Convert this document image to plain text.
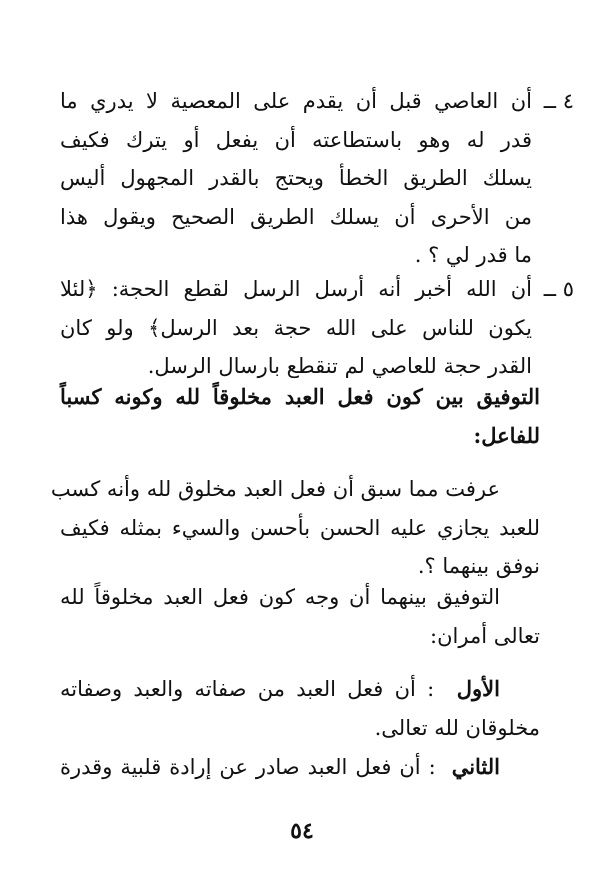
٤ ــ
أن العاصي قبل أن يقدم على المعصية لا يدري ما
قدر له وهو باستطاعته أن يفعل أو يترك فكيف
يسلك الطريق الخطأ ويحتج بالقدر المجهول أليس
من الأحرى أن يسلك الطريق الصحيح ويقول هذا
ما قدر لي ؟ .
٥ ــ
أن الله أخبر أنه أرسل الرسل لقطع الحجة: ﴿لئلا
يكون للناس على الله حجة بعد الرسل﴾ ولو كان
القدر حجة للعاصي لم تنقطع بارسال الرسل.
التوفيق بين كون فعل العبد مخلوقاً لله وكونه كسباً
للفاعل:
عرفت مما سبق أن فعل العبد مخلوق لله وأنه كسب
للعبد يجازي عليه الحسن بأحسن والسيء بمثله فكيف
نوفق بينهما ؟.
التوفيق بينهما أن وجه كون فعل العبد مخلوقاً لله
تعالى أمران:
الأول  : أن فعل العبد من صفاته والعبد وصفاته
مخلوقان لله تعالى.
الثاني  : أن فعل العبد صادر عن إرادة قلبية وقدرة
٥٤
